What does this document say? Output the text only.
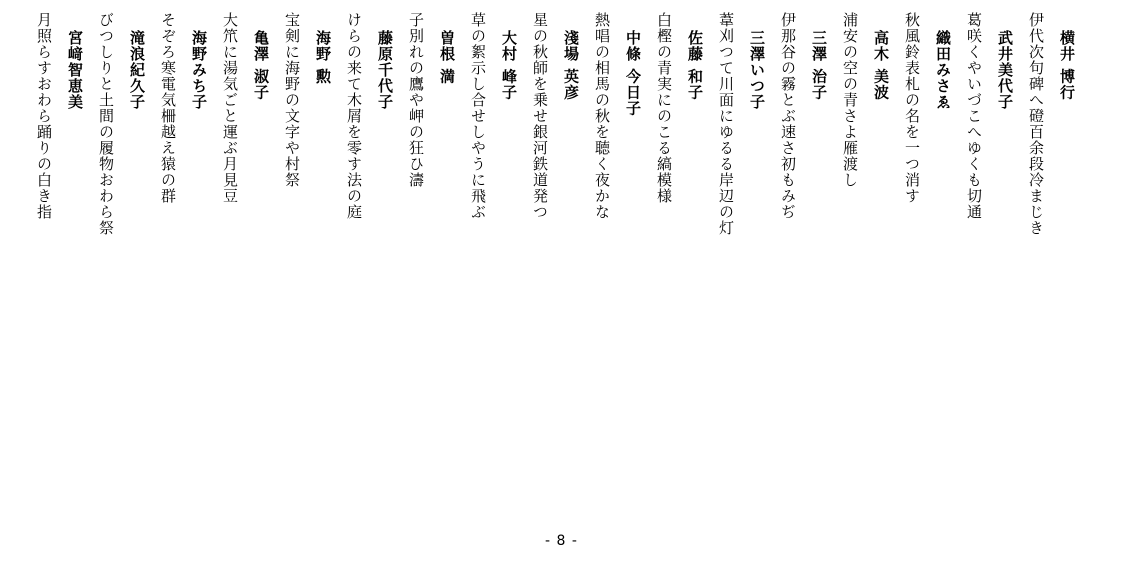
横井 博行
伊代次句碑へ磴百余段冷まじき
武井美代子
葛咲くやいづこへゆくも切通
織田みさゑ
秋風鈴表札の名を一つ消す
高木 美波
浦安の空の青さよ雁渡し
三澤 治子
伊那谷の霧とぶ速さ初もみぢ
三澤いつ子
葦刈つて川面にゆるる岸辺の灯
佐藤 和子
白樫の青実にのこる縞模様
中條 今日子
熱唱の相馬の秋を聴く夜かな
淺場 英彦
星の秋師を乗せ銀河鉄道発つ
大村 峰子
草の絮示し合せしやうに飛ぶ
曽根 満
子別れの鷹や岬の狂ひ濤
藤原千代子
けらの来て木屑を零す法の庭
海野 勲
宝剣に海野の文字や村祭
亀澤 淑子
大笊に湯気ごと運ぶ月見豆
海野みち子
そぞろ寒電気柵越え猿の群
滝浪紀久子
びつしりと土間の履物おわら祭
宮﨑智恵美
月照らすおわら踊りの白き指
- 8 -
